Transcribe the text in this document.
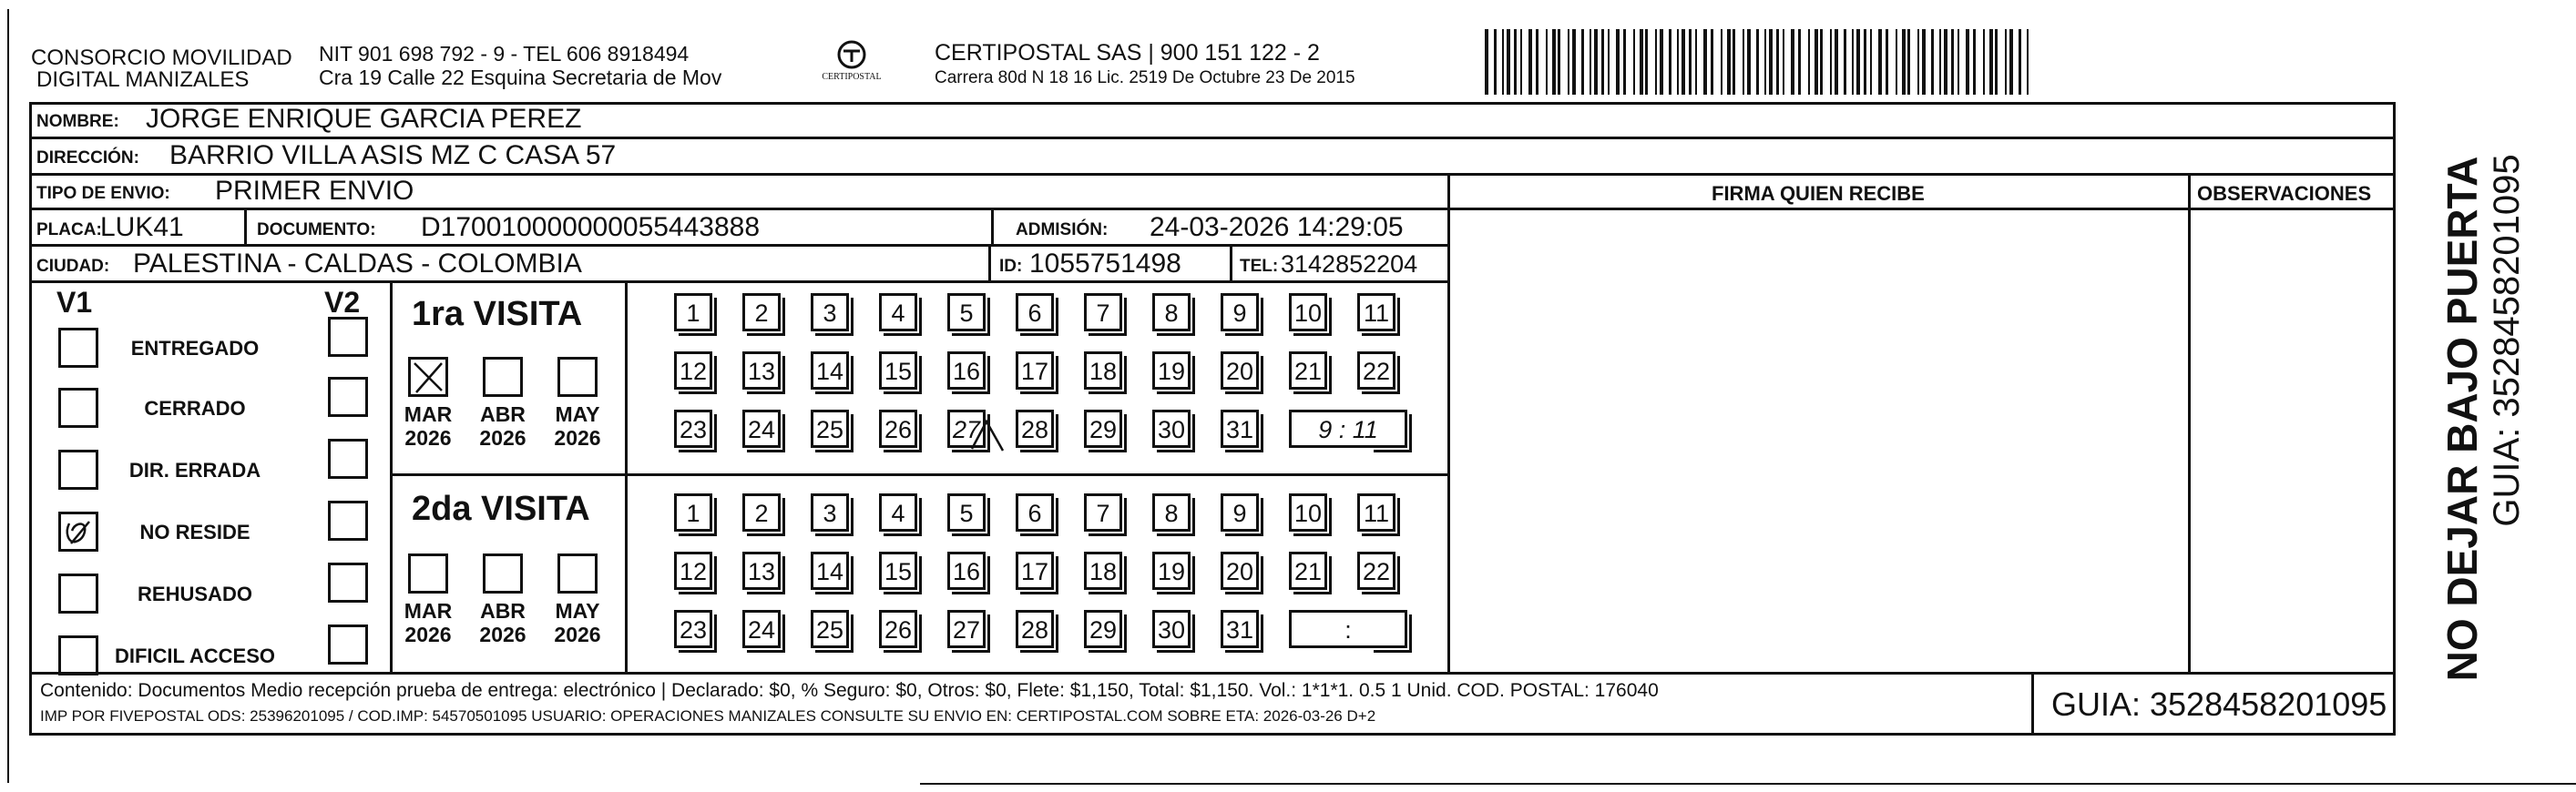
CONSORCIO MOVILIDAD
DIGITAL MANIZALES
NIT 901 698 792 - 9 - TEL 606 8918494
Cra 19 Calle 22 Esquina Secretaria de Mov	CERTIPOSTAL
CERTIPOSTAL SAS | 900 151 122 - 2
Carrera 80d N 18 16 Lic. 2519 De Octubre 23 De 2015
NOMBRE: JORGE ENRIQUE GARCIA PEREZ
DIRECCIÓN: BARRIO VILLA ASIS MZ C CASA 57
TIPO DE ENVIO: PRIMER ENVIO	FIRMA QUIEN RECIBE	OBSERVACIONES
PLACA:
LUK41	DOCUMENTO: D170010000000055443888	ADMISIÓN: 24-03-2026 14:29:05
CIUDAD: PALESTINA - CALDAS - COLOMBIA	ID: 1055751498	TEL: 3142852204
V1	V2
ENTREGADO
CERRADO
DIR. ERRADA
NO RESIDE
REHUSADO
DIFICIL ACCESO
1ra VISITA
2da VISITA
MAR
2026
ABR
2026
MAY
2026
MAR
2026
ABR
2026
MAY
2026
1	2	3	4	5	6	7	8	9	10 11
12 13 14 15 16 17 18 19 20 21 22
23 24 25 26 27 28 29 30 31	9 : 11
1	2	3	4	5	6	7	8	9	10 11
12 13 14 15 16 17 18 19 20 21 22
23 24 25 26 27 28 29 30 31	:
Contenido: Documentos Medio recepción prueba de entrega: electrónico | Declarado: $0, % Seguro: $0, Otros: $0, Flete: $1,150, Total: $1,150. Vol.: 1*1*1. 0.5 1 Unid. COD. POSTAL: 176040
IMP POR FIVEPOSTAL ODS: 25396201095 / COD.IMP: 54570501095 USUARIO: OPERACIONES MANIZALES CONSULTE SU ENVIO EN: CERTIPOSTAL.COM SOBRE ETA: 2026-03-26 D+2	GUIA: 3528458201095
NO DEJAR BAJO PUERTA GUIA: 3528458201095
